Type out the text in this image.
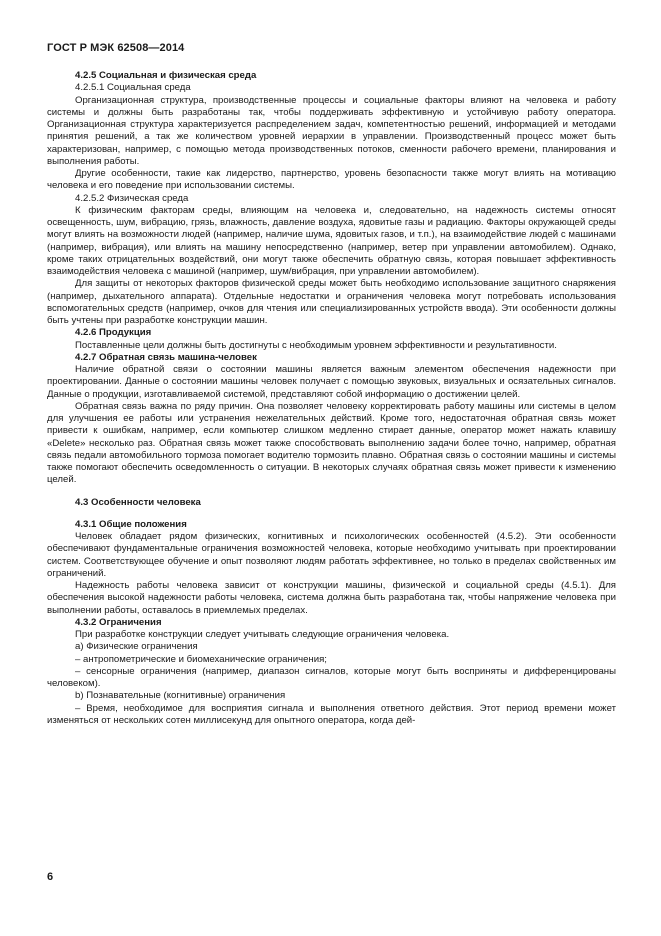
ГОСТ Р МЭК 62508—2014

4.2.5 Социальная и физическая среда

4.2.5.1 Социальная среда

Организационная структура, производственные процессы и социальные факторы влияют на человека и работу системы и должны быть разработаны так, чтобы поддерживать эффективную и устойчивую работу оператора. Организационная структура характеризуется распределением задач, компетентностью решений, информацией и методами принятия решений, а так же количеством уровней иерархии в управлении. Производственный процесс может быть характеризован, например, с помощью метода производственных потоков, сменности рабочего времени, планирования и выполнения работы.

Другие особенности, такие как лидерство, партнерство, уровень безопасности также могут влиять на мотивацию человека и его поведение при использовании системы.

4.2.5.2 Физическая среда

К физическим факторам среды, влияющим на человека и, следовательно, на надежность системы относят освещенность, шум, вибрацию, грязь, влажность, давление воздуха, ядовитые газы и радиацию. Факторы окружающей среды могут влиять на возможности людей (например, наличие шума, ядовитых газов, и т.п.), на взаимодействие людей с машинами (например, вибрация), или влиять на машину непосредственно (например, ветер при управлении автомобилем). Однако, кроме таких отрицательных воздействий, они могут также обеспечить обратную связь, которая повышает эффективность взаимодействия человека с машиной (например, шум/вибрация, при управлении автомобилем).

Для защиты от некоторых факторов физической среды может быть необходимо использование защитного снаряжения (например, дыхательного аппарата). Отдельные недостатки и ограничения человека могут потребовать использования вспомогательных средств (например, очков для чтения или специализированных устройств ввода). Эти особенности должны быть учтены при разработке конструкции машин.

4.2.6 Продукция

Поставленные цели должны быть достигнуты с необходимым уровнем эффективности и результативности.

4.2.7 Обратная связь машина-человек

Наличие обратной связи о состоянии машины является важным элементом обеспечения надежности при проектировании. Данные о состоянии машины человек получает с помощью звуковых, визуальных и осязательных сигналов. Данные о продукции, изготавливаемой системой, представляют собой информацию о достижении целей.

Обратная связь важна по ряду причин. Она позволяет человеку корректировать работу машины или системы в целом для улучшения ее работы или устранения нежелательных действий. Кроме того, недостаточная обратная связь может привести к ошибкам, например, если компьютер слишком медленно стирает данные, оператор может нажать клавишу «Delete» несколько раз. Обратная связь может также способствовать выполнению задачи более точно, например, обратная связь педали автомобильного тормоза помогает водителю тормозить плавно. Обратная связь о состоянии машины и системы также помогают обеспечить осведомленность о ситуации. В некоторых случаях обратная связь может привести к изменению целей.

4.3 Особенности человека

4.3.1 Общие положения

Человек обладает рядом физических, когнитивных и психологических особенностей (4.5.2). Эти особенности обеспечивают фундаментальные ограничения возможностей человека, которые необходимо учитывать при проектировании систем. Соответствующее обучение и опыт позволяют людям работать эффективнее, но только в пределах свойственных им ограничений.

Надежность работы человека зависит от конструкции машины, физической и социальной среды (4.5.1). Для обеспечения высокой надежности работы человека, система должна быть разработана так, чтобы напряжение человека при выполнении работы, оставалось в приемлемых пределах.

4.3.2 Ограничения

При разработке конструкции следует учитывать следующие ограничения человека.

а) Физические ограничения

– антропометрические и биомеханические ограничения;

– сенсорные ограничения (например, диапазон сигналов, которые могут быть восприняты и дифференцированы человеком).

b) Познавательные (когнитивные) ограничения

– Время, необходимое для восприятия сигнала и выполнения ответного действия. Этот период времени может изменяться от нескольких сотен миллисекунд для опытного оператора, когда дей-

6
